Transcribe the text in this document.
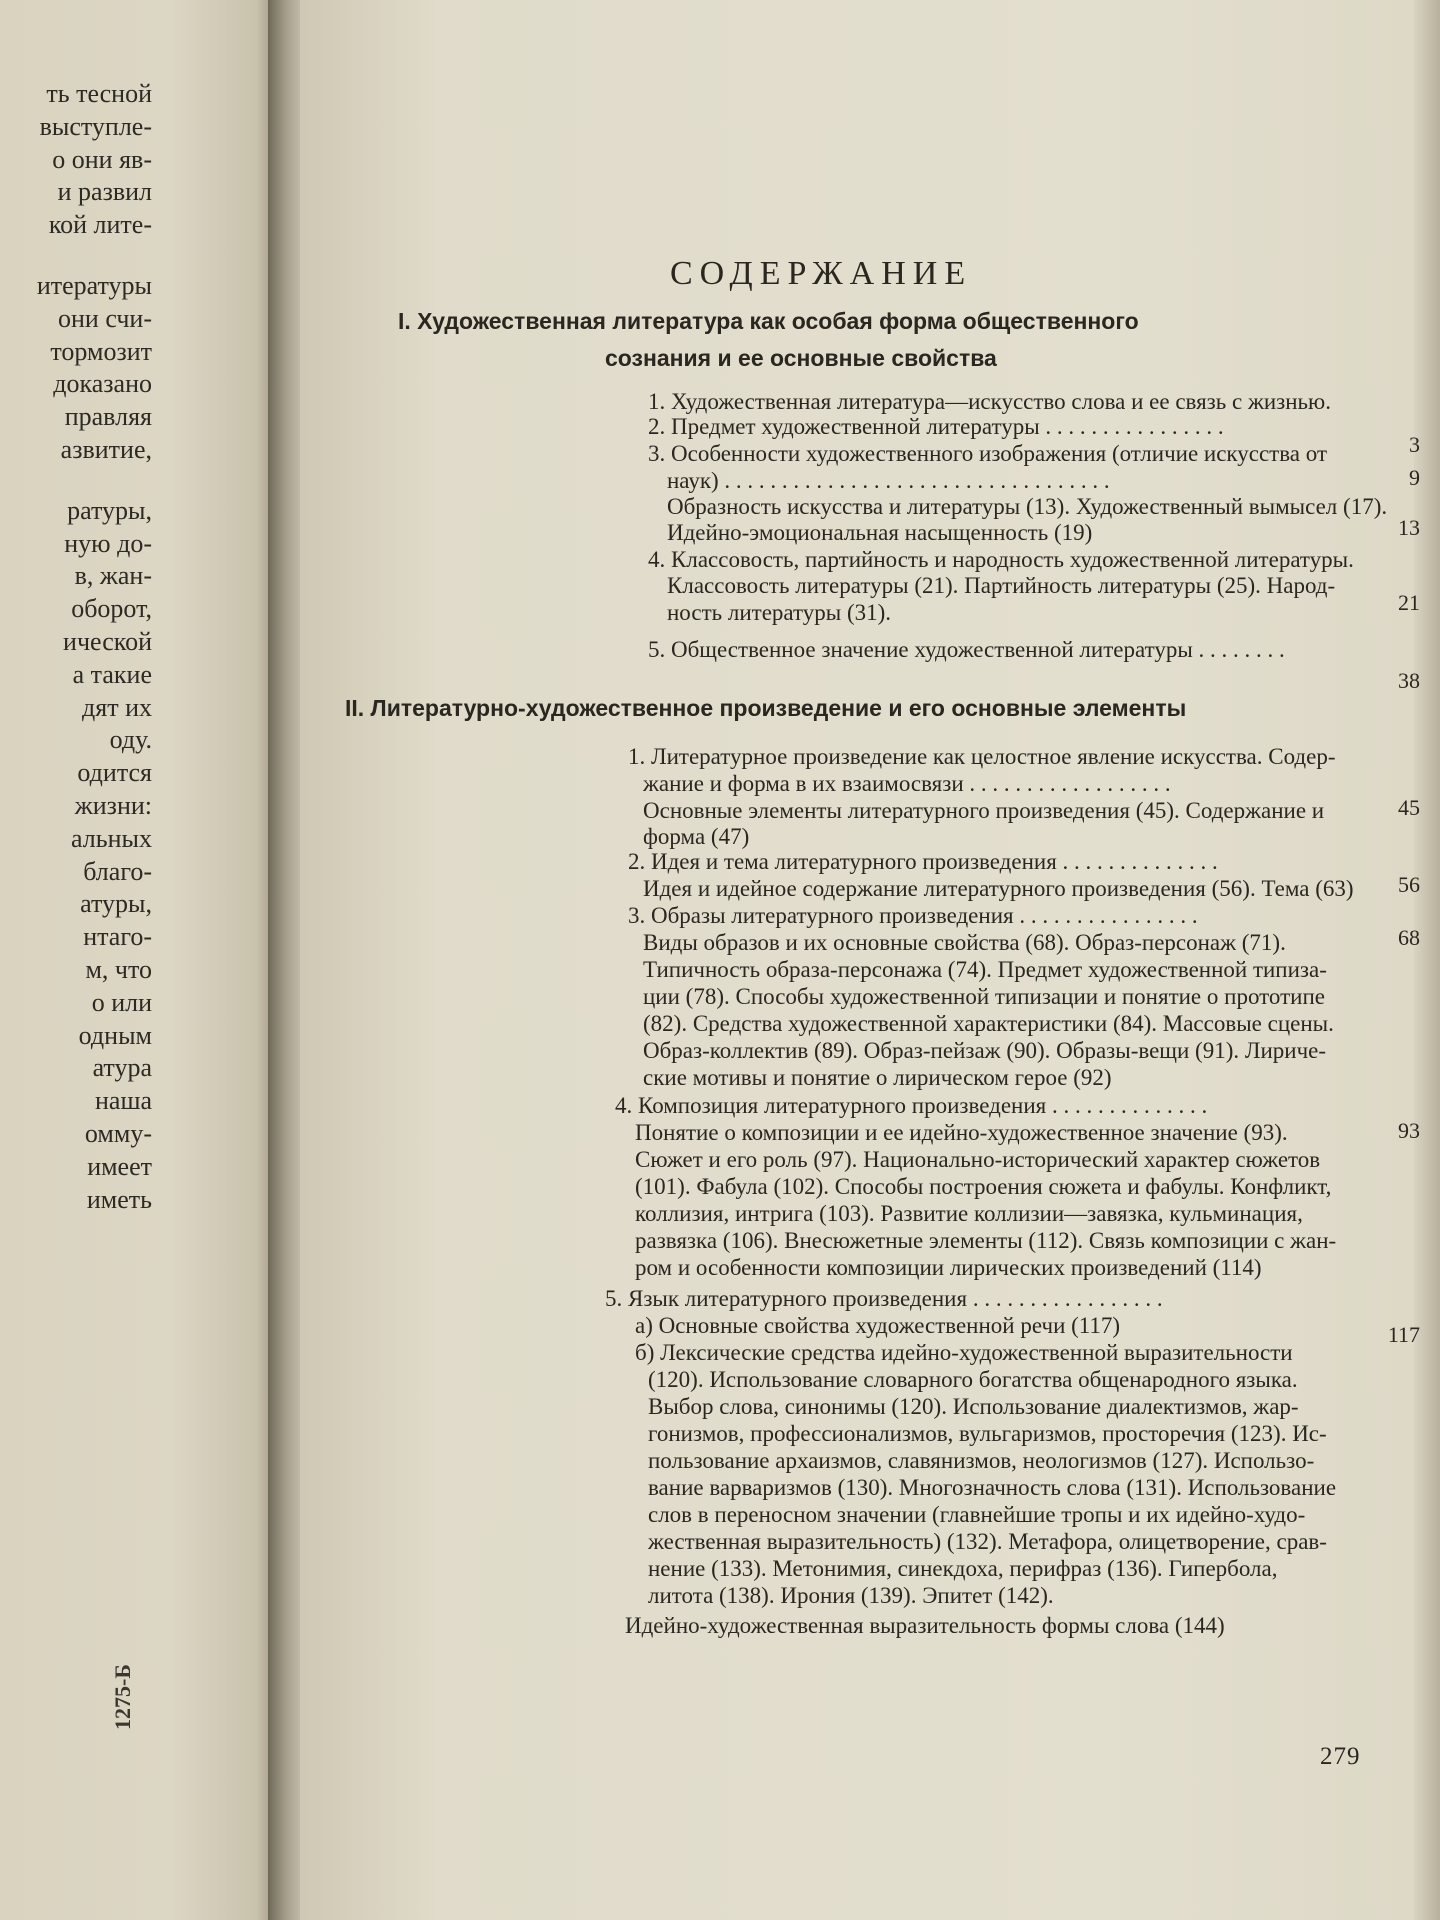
ть тесной
выступле-
о они яв-
и развил
кой лите-
итературы
они счи-
тормозит
доказано
правляя
азвитие,
ратуры,
ную до-
в, жан-
оборот,
ической
а такие
дят их
оду.
одится
жизни:
альных
благо-
атуры,
нтаго-
м, что
о или
одным
атура
наша
омму-
имеет
иметь
1275-Б
СОДЕРЖАНИЕ
I. Художественная литература как особая форма общественного
сознания и ее основные свойства
II. Литературно-художественное произведение и его основные элементы
1. Художественная литература—искусство слова и ее связь с жизнью.
2. Предмет художественной литературы . . . . . . . . . . . . . . . .
3. Особенности художественного изображения (отличие искусства от
наук) . . . . . . . . . . . . . . . . . . . . . . . . . . . . . . . . . .
Образность искусства и литературы (13). Художественный вымысел (17).
Идейно-эмоциональная насыщенность (19)
4. Классовость, партийность и народность художественной литературы.
Классовость литературы (21). Партийность литературы (25). Народ-
ность литературы (31).
5. Общественное значение художественной литературы . . . . . . . .
1. Литературное произведение как целостное явление искусства. Содер-
жание и форма в их взаимосвязи . . . . . . . . . . . . . . . . . .
Основные элементы литературного произведения (45). Содержание и
форма (47)
2. Идея и тема литературного произведения . . . . . . . . . . . . . .
Идея и идейное содержание литературного произведения (56). Тема (63)
3. Образы литературного произведения . . . . . . . . . . . . . . . .
Виды образов и их основные свойства (68). Образ-персонаж (71).
Типичность образа-персонажа (74). Предмет художественной типиза-
ции (78). Способы художественной типизации и понятие о прототипе
(82). Средства художественной характеристики (84). Массовые сцены.
Образ-коллектив (89). Образ-пейзаж (90). Образы-вещи (91). Лириче-
ские мотивы и понятие о лирическом герое (92)
4. Композиция литературного произведения . . . . . . . . . . . . . .
Понятие о композиции и ее идейно-художественное значение (93).
Сюжет и его роль (97). Национально-исторический характер сюжетов
(101). Фабула (102). Способы построения сюжета и фабулы. Конфликт,
коллизия, интрига (103). Развитие коллизии—завязка, кульминация,
развязка (106). Внесюжетные элементы (112). Связь композиции с жан-
ром и особенности композиции лирических произведений (114)
5. Язык литературного произведения . . . . . . . . . . . . . . . . .
а) Основные свойства художественной речи (117)
б) Лексические средства идейно-художественной выразительности
(120). Использование словарного богатства общенародного языка.
Выбор слова, синонимы (120). Использование диалектизмов, жар-
гонизмов, профессионализмов, вульгаризмов, просторечия (123). Ис-
пользование архаизмов, славянизмов, неологизмов (127). Использо-
вание варваризмов (130). Многозначность слова (131). Использование
слов в переносном значении (главнейшие тропы и их идейно-худо-
жественная выразительность) (132). Метафора, олицетворение, срав-
нение (133). Метонимия, синекдоха, перифраз (136). Гипербола,
литота (138). Ирония (139). Эпитет (142).
Идейно-художественная выразительность формы слова (144)
3
9
13
21
38
45
56
68
93
117
279
